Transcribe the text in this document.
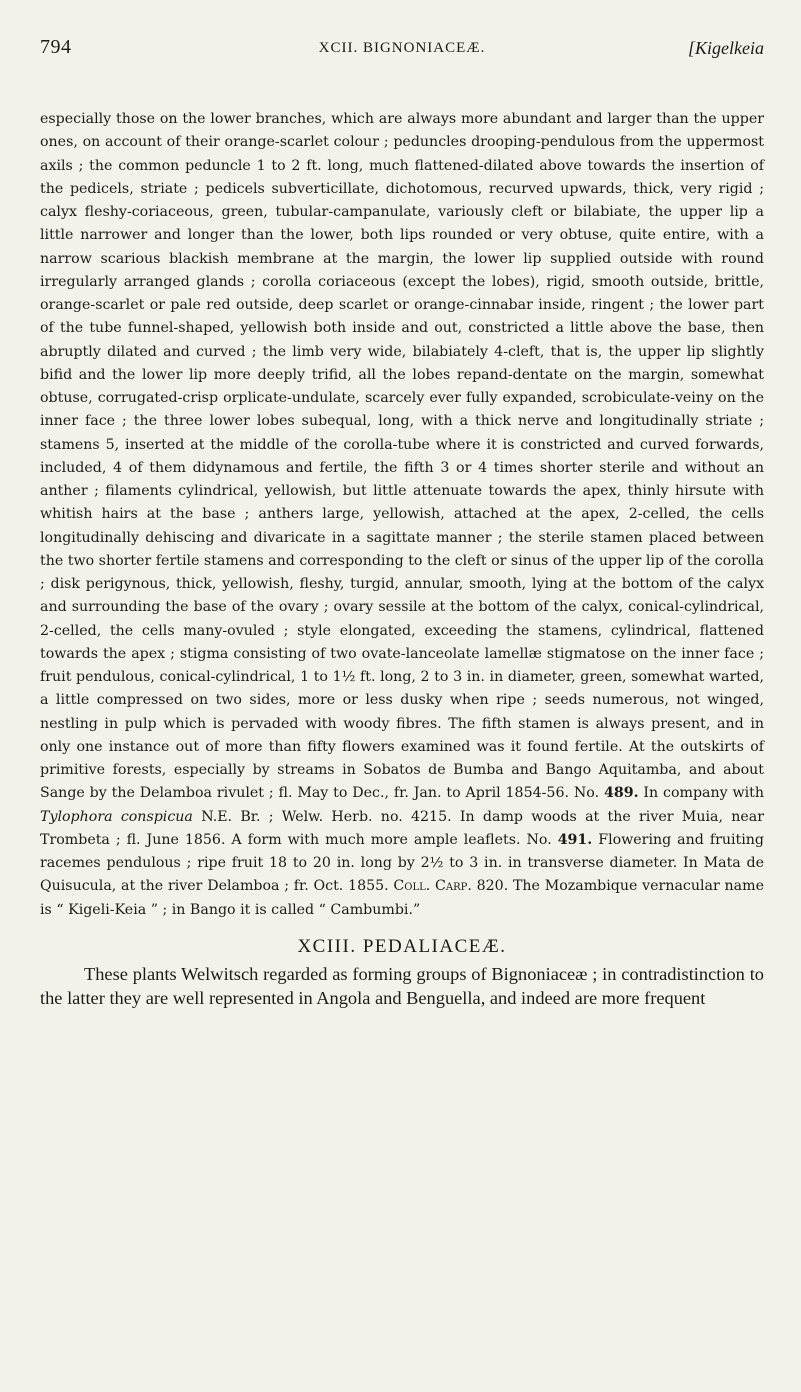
794	XCII. BIGNONIACEÆ.	[Kigelkeia

especially those on the lower branches, which are always more abundant and larger than the upper ones, on account of their orange-scarlet colour ; peduncles drooping-pendulous from the uppermost axils ; the common peduncle 1 to 2 ft. long, much flattened-dilated above towards the insertion of the pedicels, striate ; pedicels subverticillate, dichotomous, recurved upwards, thick, very rigid ; calyx fleshy-coriaceous, green, tubular-campanulate, variously cleft or bilabiate, the upper lip a little narrower and longer than the lower, both lips rounded or very obtuse, quite entire, with a narrow scarious blackish membrane at the margin, the lower lip supplied outside with round irregularly arranged glands ; corolla coriaceous (except the lobes), rigid, smooth outside, brittle, orange-scarlet or pale red outside, deep scarlet or orange-cinnabar inside, ringent ; the lower part of the tube funnel-shaped, yellowish both inside and out, constricted a little above the base, then abruptly dilated and curved ; the limb very wide, bilabiately 4-cleft, that is, the upper lip slightly bifid and the lower lip more deeply trifid, all the lobes repand-dentate on the margin, somewhat obtuse, corrugated-crisp orplicate-undulate, scarcely ever fully expanded, scrobiculate-veiny on the inner face ; the three lower lobes subequal, long, with a thick nerve and longitudinally striate ; stamens 5, inserted at the middle of the corolla-tube where it is constricted and curved forwards, included, 4 of them didynamous and fertile, the fifth 3 or 4 times shorter sterile and without an anther ; filaments cylindrical, yellowish, but little attenuate towards the apex, thinly hirsute with whitish hairs at the base ; anthers large, yellowish, attached at the apex, 2-celled, the cells longitudinally dehiscing and divaricate in a sagittate manner ; the sterile stamen placed between the two shorter fertile stamens and corresponding to the cleft or sinus of the upper lip of the corolla ; disk perigynous, thick, yellowish, fleshy, turgid, annular, smooth, lying at the bottom of the calyx and surrounding the base of the ovary ; ovary sessile at the bottom of the calyx, conical-cylindrical, 2-celled, the cells many-ovuled ; style elongated, exceeding the stamens, cylindrical, flattened towards the apex ; stigma consisting of two ovate-lanceolate lamellæ stigmatose on the inner face ; fruit pendulous, conical-cylindrical, 1 to 1½ ft. long, 2 to 3 in. in diameter, green, somewhat warted, a little compressed on two sides, more or less dusky when ripe ; seeds numerous, not winged, nestling in pulp which is pervaded with woody fibres. The fifth stamen is always present, and in only one instance out of more than fifty flowers examined was it found fertile. At the outskirts of primitive forests, especially by streams in Sobatos de Bumba and Bango Aquitamba, and about Sange by the Delamboa rivulet ; fl. May to Dec., fr. Jan. to April 1854-56. No. 489. In company with Tylophora conspicua N.E. Br. ; Welw. Herb. no. 4215. In damp woods at the river Muia, near Trombeta ; fl. June 1856. A form with much more ample leaflets. No. 491. Flowering and fruiting racemes pendulous ; ripe fruit 18 to 20 in. long by 2½ to 3 in. in transverse diameter. In Mata de Quisucula, at the river Delamboa ; fr. Oct. 1855. Coll. Carp. 820. The Mozambique vernacular name is “ Kigeli-Keia ” ; in Bango it is called “ Cambumbi.”

XCIII. PEDALIACEÆ.

These plants Welwitsch regarded as forming groups of Bignoniaceæ ; in contradistinction to the latter they are well represented in Angola and Benguella, and indeed are more frequent
